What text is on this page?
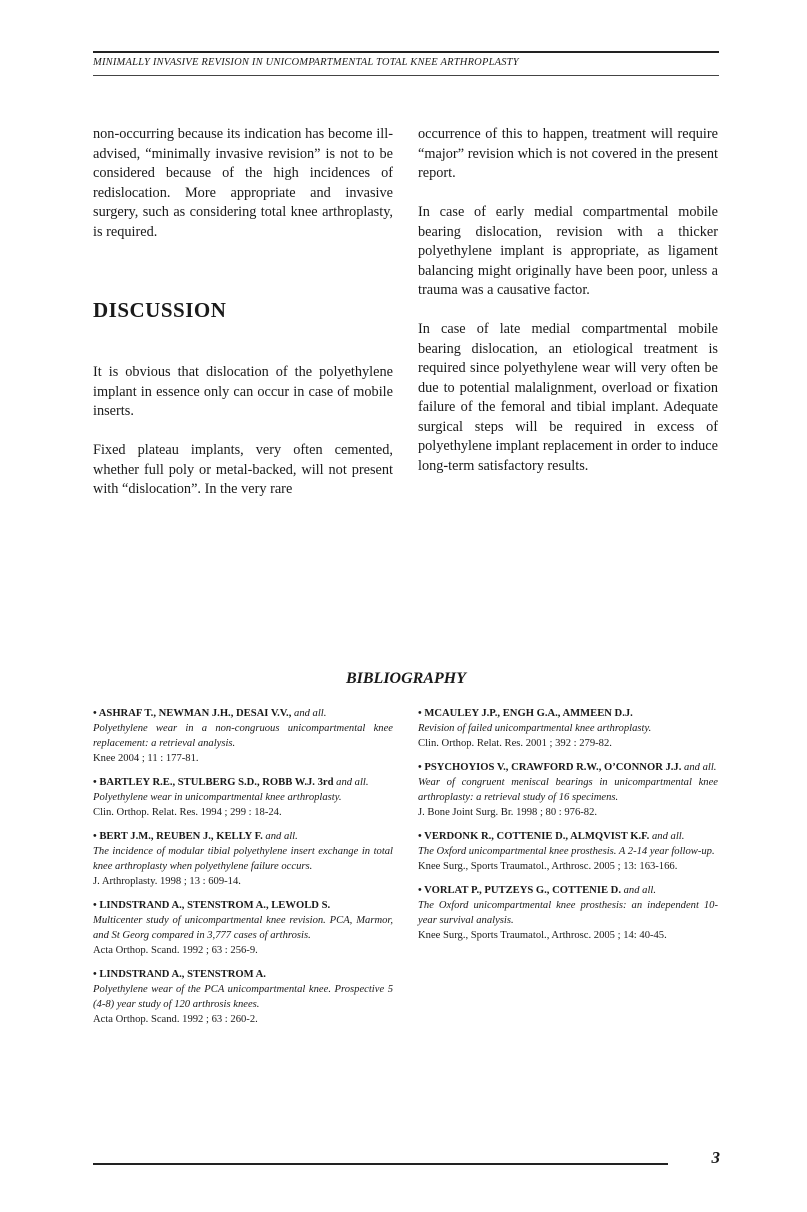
MINIMALLY INVASIVE REVISION IN UNICOMPARTMENTAL TOTAL KNEE ARTHROPLASTY

non-occurring because its indication has become ill-advised, “minimally invasive revision” is not to be considered because of the high incidences of redislocation. More appropriate and invasive surgery, such as considering total knee arthroplasty, is required.

DISCUSSION

It is obvious that dislocation of the polyethylene implant in essence only can occur in case of mobile inserts.

Fixed plateau implants, very often cemented, whether full poly or metal-backed, will not present with “dislocation”. In the very rare

occurrence of this to happen, treatment will require “major” revision which is not covered in the present report.

In case of early medial compartmental mobile bearing dislocation, revision with a thicker polyethylene implant is appropriate, as ligament balancing might originally have been poor, unless a trauma was a causative factor.

In case of late medial compartmental mobile bearing dislocation, an etiological treatment is required since polyethylene wear will very often be due to potential malalignment, overload or fixation failure of the femoral and tibial implant. Adequate surgical steps will be required in excess of polyethylene implant replacement in order to induce long-term satisfactory results.

BIBLIOGRAPHY
• ASHRAF T., NEWMAN J.H., DESAI V.V., and all.
Polyethylene wear in a non-congruous unicompartmental knee replacement: a retrieval analysis.
Knee 2004 ; 11 : 177-81.
• BARTLEY R.E., STULBERG S.D., ROBB W.J. 3rd and all.
Polyethylene wear in unicompartmental knee arthroplasty.
Clin. Orthop. Relat. Res. 1994 ; 299 : 18-24.
• BERT J.M., REUBEN J., KELLY F. and all.
The incidence of modular tibial polyethylene insert exchange in total knee arthroplasty when polyethylene failure occurs.
J. Arthroplasty. 1998 ; 13 : 609-14.
• LINDSTRAND A., STENSTROM A., LEWOLD S.
Multicenter study of unicompartmental knee revision. PCA, Marmor, and St Georg compared in 3,777 cases of arthrosis.
Acta Orthop. Scand. 1992 ; 63 : 256-9.
• LINDSTRAND A., STENSTROM A.
Polyethylene wear of the PCA unicompartmental knee. Prospective 5 (4-8) year study of 120 arthrosis knees.
Acta Orthop. Scand. 1992 ; 63 : 260-2.
• MCAULEY J.P., ENGH G.A., AMMEEN D.J.
Revision of failed unicompartmental knee arthroplasty.
Clin. Orthop. Relat. Res. 2001 ; 392 : 279-82.
• PSYCHOYIOS V., CRAWFORD R.W., O’CONNOR J.J. and all.
Wear of congruent meniscal bearings in unicompartmental knee arthroplasty: a retrieval study of 16 specimens.
J. Bone Joint Surg. Br. 1998 ; 80 : 976-82.
• VERDONK R., COTTENIE D., ALMQVIST K.F. and all.
The Oxford unicompartmental knee prosthesis. A 2-14 year follow-up.
Knee Surg., Sports Traumatol., Arthrosc. 2005 ; 13: 163-166.
• VORLAT P., PUTZEYS G., COTTENIE D. and all.
The Oxford unicompartmental knee prosthesis: an independent 10-year survival analysis.
Knee Surg., Sports Traumatol., Arthrosc. 2005 ; 14: 40-45.
3
